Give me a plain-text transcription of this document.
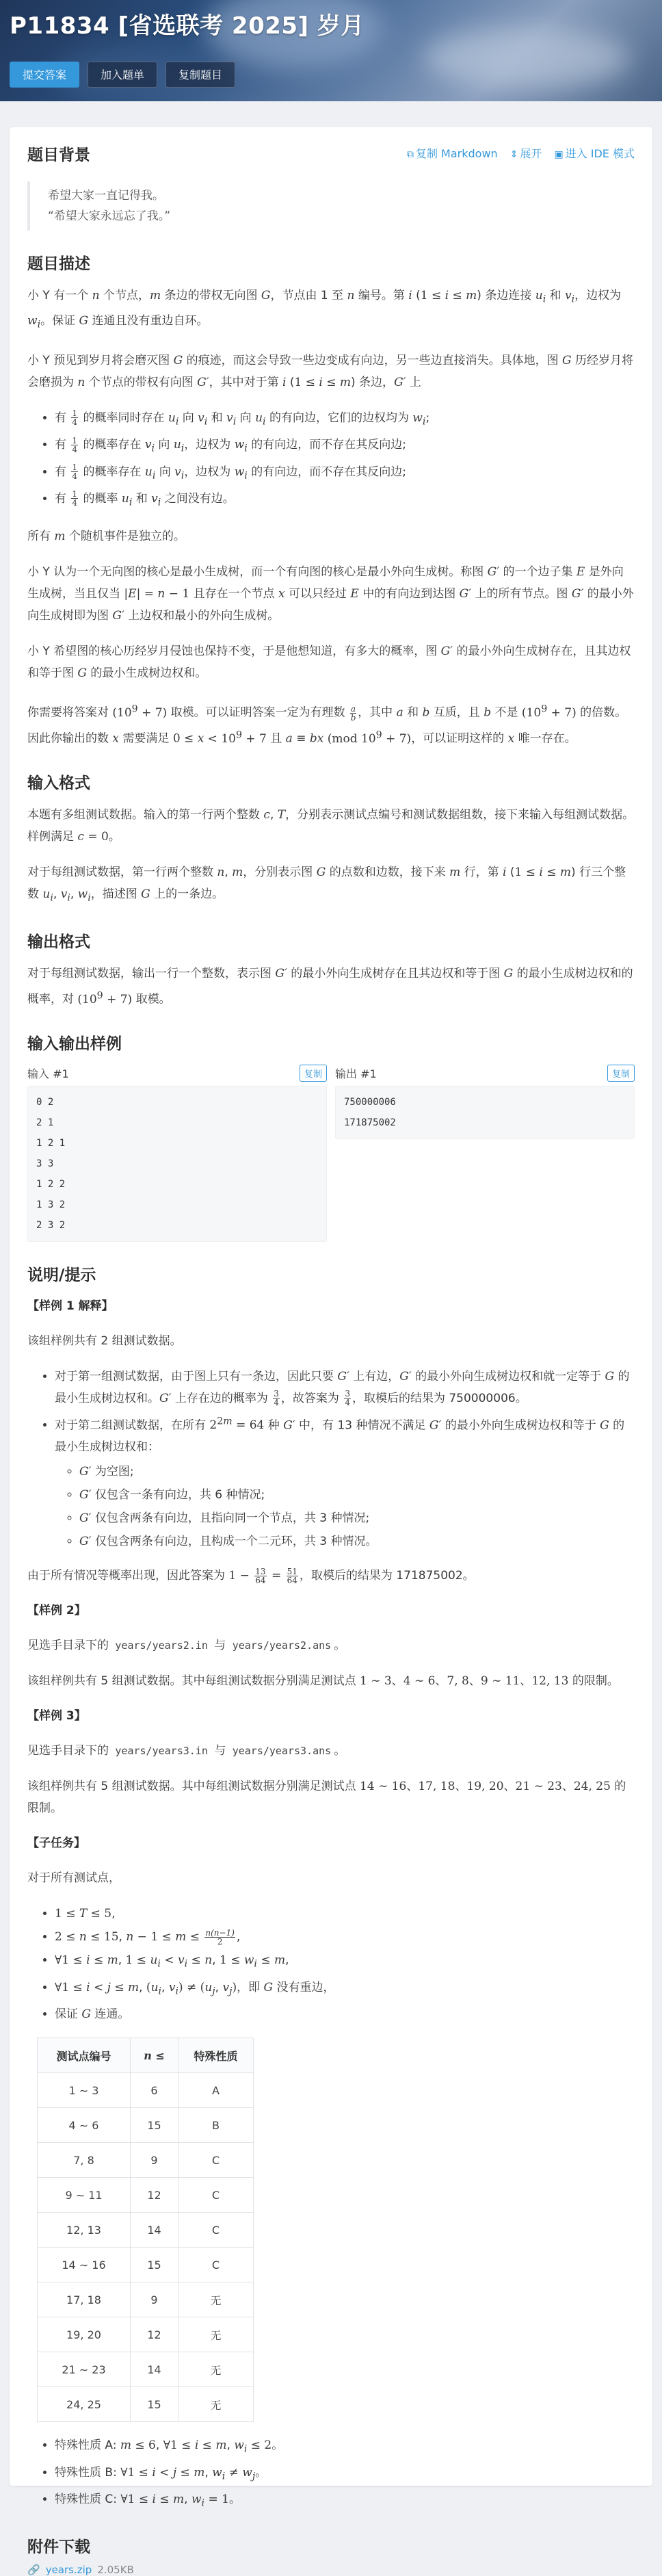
P11834 [省选联考 2025] 岁月
提交答案	加入题单	复制题目
题目背景	⧉ 复制 Markdown ⇕ 展开 ▣ 进入 IDE 模式
希望大家一直记得我。
“希望大家永远忘了我。”
题目描述

小 Y 有一个 n 个节点，m 条边的带权无向图 G，节点由 1 至 n 编号。第 i (1 ≤ i ≤ m) 条边连接 $u_i$ 和 $v_i$，边权为 $w_i$。保证 G 连通且没有重边自环。

小 Y 预见到岁月将会磨灭图 G 的痕迹，而这会导致一些边变成有向边，另一些边直接消失。具体地，图 G 历经岁月将会磨损为 n 个节点的带权有向图 G′，其中对于第 i (1 ≤ i ≤ m) 条边，G′ 上

• 有 $\frac{1}{4}$ 的概率同时存在 $u_i$ 向 $v_i$ 和 $v_i$ 向 $u_i$ 的有向边，它们的边权均为 $w_i$;
• 有 $\frac{1}{4}$ 的概率存在 $v_i$ 向 $u_i$，边权为 $w_i$ 的有向边，而不存在其反向边;
• 有 $\frac{1}{4}$ 的概率存在 $u_i$ 向 $v_i$，边权为 $w_i$ 的有向边，而不存在其反向边;
• 有 $\frac{1}{4}$ 的概率 $u_i$ 和 $v_i$ 之间没有边。

所有 m 个随机事件是独立的。

小 Y 认为一个无向图的核心是最小生成树，而一个有向图的核心是最小外向生成树。称图 G′ 的一个边子集 E 是外向生成树，当且仅当 |E| = n − 1 且存在一个节点 x 可以只经过 E 中的有向边到达图 G′ 上的所有节点。图 G′ 的最小外向生成树即为图 G′ 上边权和最小的外向生成树。

小 Y 希望图的核心历经岁月侵蚀也保持不变，于是他想知道，有多大的概率，图 G′ 的最小外向生成树存在，且其边权和等于图 G 的最小生成树边权和。

你需要将答案对 $(10^9 + 7)$ 取模。可以证明答案一定为有理数 $\frac{a}{b}$ ，其中 a 和 b 互质，且 b 不是 $(10^9 + 7)$ 的倍数。因此你输出的数 x 需要满足 $0 \le x < 10^9 + 7$ 且 a ≡ bx (mod $10^9 + 7$)，可以证明这样的 x 唯一存在。

输入格式

本题有多组测试数据。输入的第一行两个整数 c, T，分别表示测试点编号和测试数据组数，接下来输入每组测试数据。样例满足 c = 0。

对于每组测试数据，第一行两个整数 n, m，分别表示图 G 的点数和边数，接下来 m 行，第 i (1 ≤ i ≤ m) 行三个整数 $u_i$, $v_i$, $w_i$，描述图 G 上的一条边。

输出格式

对于每组测试数据，输出一行一个整数，表示图 G′ 的最小外向生成树存在且其边权和等于图 G 的最小生成树边权和的概率，对 $(10^9 + 7)$ 取模。

输入输出样例
输入 #1	复制
0 2
2 1
1 2 1
3 3
1 2 2
1 3 2
2 3 2
输出 #1	复制
750000006
171875002
说明/提示
【样例 1 解释】

该组样例共有 2 组测试数据。

• 对于第一组测试数据，由于图上只有一条边，因此只要 G′ 上有边，G′ 的最小外向生成树边权和就一定等于 G 的最小生成树边权和。G′ 上存在边的概率为 $\frac{3}{4}$ ，故答案为 $\frac{3}{4}$ ，取模后的结果为 750000006。
• 对于第二组测试数据，在所有 $2^{2m} = 64$ 种 G′ 中，有 13 种情况不满足 G′ 的最小外向生成树边权和等于 G 的最小生成树边权和：
◦ G′ 为空图;
◦ G′ 仅包含一条有向边，共 6 种情况;
◦ G′ 仅包含两条有向边，且指向同一个节点，共 3 种情况;
◦ G′ 仅包含两条有向边，且构成一个二元环，共 3 种情况。

由于所有情况等概率出现，因此答案为 $1 - \frac{13}{64} = \frac{51}{64}$ ，取模后的结果为 171875002。

【样例 2】

见选手目录下的 years/years2.in 与 years/years2.ans 。

该组样例共有 5 组测试数据。其中每组测试数据分别满足测试点 1 ∼ 3、4 ∼ 6、7, 8、9 ∼ 11、12, 13 的限制。

【样例 3】

见选手目录下的 years/years3.in 与 years/years3.ans 。

该组样例共有 5 组测试数据。其中每组测试数据分别满足测试点 14 ∼ 16、17, 18、19, 20、21 ∼ 23、24, 25 的限制。

【子任务】

对于所有测试点，

• 1 ≤ T ≤ 5,
• 2 ≤ n ≤ 15, $n - 1 \le m \le \frac{n(n-1)}{2}$ ,
• ∀1 ≤ i ≤ m, $1 \le u_i < v_i \le n$, $1 \le w_i \le m$,
• ∀1 ≤ i < j ≤ m, ($u_i$, $v_i) \ne (u_j$, $v_j$)，即 G 没有重边，
• 保证 G 连通。
测试点编号	n ≤	特殊性质
1 ∼ 3	6	A
4 ∼ 6	15	B
7, 8	9	C
9 ∼ 11	12	C
12, 13	14	C
14 ∼ 16	15	C
17, 18	9	无
19, 20	12	无
21 ∼ 23	14	无
24, 25	15	无
• 特殊性质 A: m ≤ 6, ∀1 ≤ i ≤ m, $w_i \le 2$。
• 特殊性质 B: ∀1 ≤ i < j ≤ m, $w_i \ne w_j$。
• 特殊性质 C: ∀1 ≤ i ≤ m, $w_i = 1$。
附件下载
🔗 years.zip 2.05KB
